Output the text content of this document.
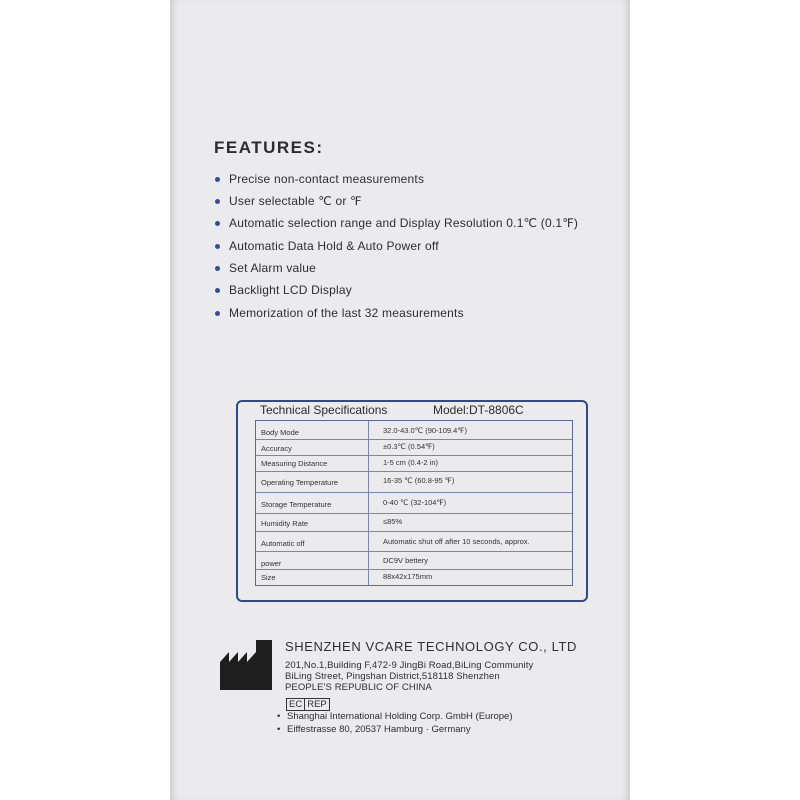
FEATURES:
Precise non-contact measurements
User selectable ℃ or ℉
Automatic selection range and Display Resolution 0.1℃ (0.1℉)
Automatic Data Hold & Auto Power off
Set Alarm value
Backlight LCD Display
Memorization of the last 32 measurements
Technical Specifications	Model:DT-8806C
Body Mode	32.0-43.0℃ (90-109.4℉)
Accuracy	±0.3℃ (0.54℉)
Measuring Distance	1-5 cm (0.4-2 in)
Operating Temperature	16-35 ℃ (60.8-95 ℉)
Storage Temperature	0-40 ℃ (32-104℉)
Humidity Rate	≤85%
Automatic off	Automatic shut off after 10 seconds, approx.
power	DC9V bettery
Size	88x42x175mm
SHENZHEN VCARE TECHNOLOGY CO., LTD
201,No.1,Building F,472-9 JingBi Road,BiLing Community
BiLing Street, Pingshan District,518118 Shenzhen
PEOPLE'S REPUBLIC OF CHINA
EC REP
• Shanghai International Holding Corp. GmbH (Europe)
• Eiffestrasse 80, 20537 Hamburg · Germany
